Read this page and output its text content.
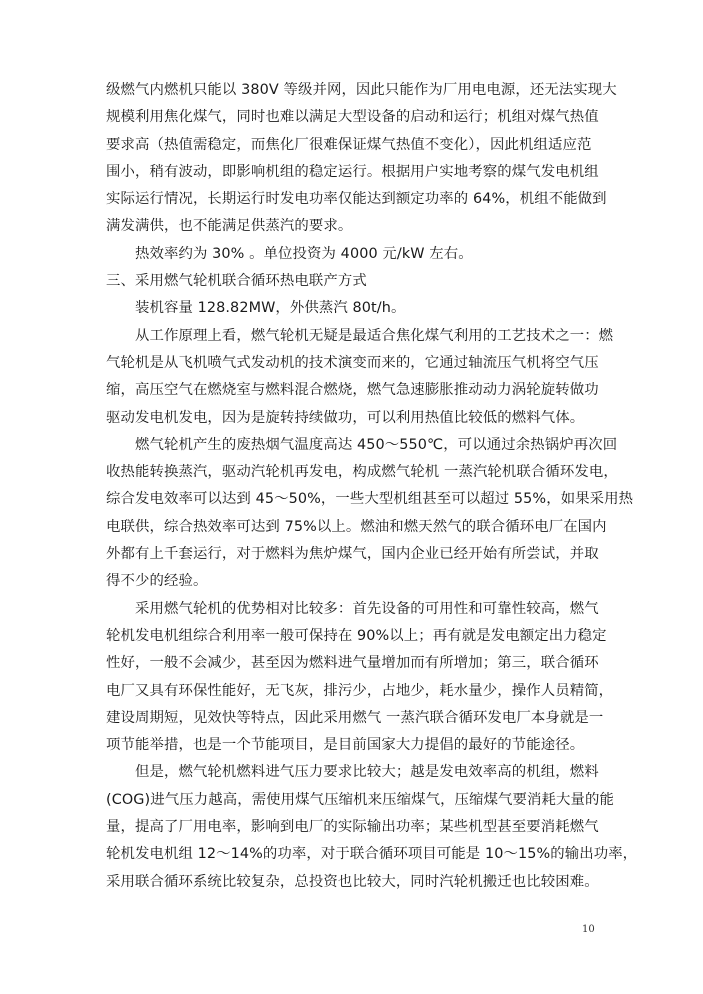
级燃气内燃机只能以 380V 等级并网，因此只能作为厂用电电源，还无法实现大
规模利用焦化煤气，同时也难以满足大型设备的启动和运行；机组对煤气热值
要求高（热值需稳定，而焦化厂很难保证煤气热值不变化），因此机组适应范
围小，稍有波动，即影响机组的稳定运行。根据用户实地考察的煤气发电机组
实际运行情况，长期运行时发电功率仅能达到额定功率的 64%，机组不能做到
满发满供，也不能满足供蒸汽的要求。
　　热效率约为 30% 。单位投资为 4000 元/kW 左右。
三、采用燃气轮机联合循环热电联产方式
　　装机容量 128.82MW，外供蒸汽 80t/h。
　　从工作原理上看，燃气轮机无疑是最适合焦化煤气利用的工艺技术之一：燃
气轮机是从飞机喷气式发动机的技术演变而来的，它通过轴流压气机将空气压
缩，高压空气在燃烧室与燃料混合燃烧，燃气急速膨胀推动动力涡轮旋转做功
驱动发电机发电，因为是旋转持续做功，可以利用热值比较低的燃料气体。
　　燃气轮机产生的废热烟气温度高达 450～550℃，可以通过余热锅炉再次回
收热能转换蒸汽，驱动汽轮机再发电，构成燃气轮机 一蒸汽轮机联合循环发电，
综合发电效率可以达到 45～50%，一些大型机组甚至可以超过 55%，如果采用热
电联供，综合热效率可达到 75%以上。燃油和燃天然气的联合循环电厂在国内
外都有上千套运行，对于燃料为焦炉煤气，国内企业已经开始有所尝试，并取
得不少的经验。
　　采用燃气轮机的优势相对比较多：首先设备的可用性和可靠性较高，燃气
轮机发电机组综合利用率一般可保持在 90%以上；再有就是发电额定出力稳定
性好，一般不会减少，甚至因为燃料进气量增加而有所增加；第三，联合循环
电厂又具有环保性能好，无飞灰，排污少，占地少，耗水量少，操作人员精简，
建设周期短，见效快等特点，因此采用燃气 一蒸汽联合循环发电厂本身就是一
项节能举措，也是一个节能项目，是目前国家大力提倡的最好的节能途径。
　　但是，燃气轮机燃料进气压力要求比较大；越是发电效率高的机组，燃料
(COG)进气压力越高，需使用煤气压缩机来压缩煤气，压缩煤气要消耗大量的能
量，提高了厂用电率，影响到电厂的实际输出功率；某些机型甚至要消耗燃气
轮机发电机组 12～14%的功率，对于联合循环项目可能是 10～15%的输出功率，
采用联合循环系统比较复杂，总投资也比较大，同时汽轮机搬迁也比较困难。
10
